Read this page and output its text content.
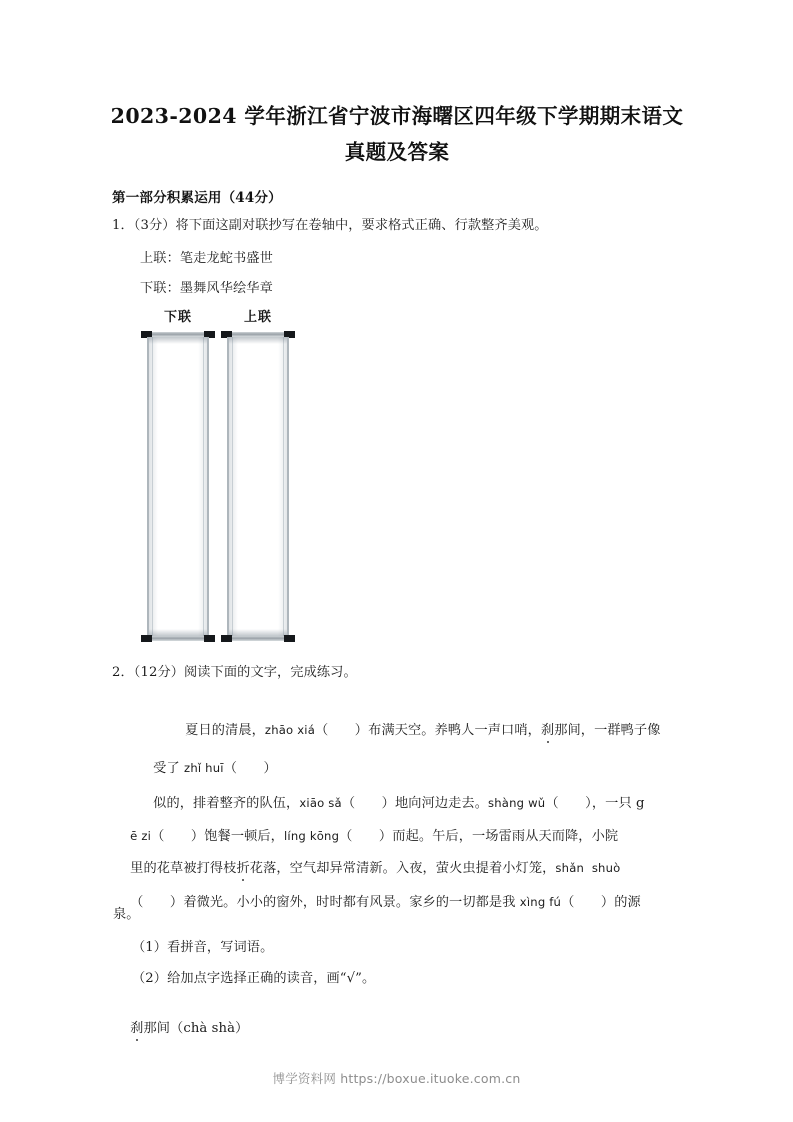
2023-2024 学年浙江省宁波市海曙区四年级下学期期末语文
真题及答案
第一部分积累运用（44分）
1．（3分）将下面这副对联抄写在卷轴中，要求格式正确、行款整齐美观。
上联：笔走龙蛇书盛世
下联：墨舞风华绘华章
下联	上联
2．（12分）阅读下面的文字，完成练习。

夏日的清晨，zhāo xiá（      ）布满天空。养鸭人一声口哨，刹那间，一群鸭子像

受了 zhǐ huī（      ）

似的，排着整齐的队伍，xiāo sǎ（      ）地向河边走去。shàng wǔ（      ），一只 g

ē zi（      ）饱餐一顿后，líng kōng（      ）而起。午后，一场雷雨从天而降，小院

里的花草被打得枝折花落，空气却异常清新。入夜，萤火虫提着小灯笼，shǎn  shuò

（      ）着微光。小小的窗外，时时都有风景。家乡的一切都是我 xìng fú（      ）的源

泉。
（1）看拼音，写词语。
（2）给加点字选择正确的读音，画“√”。

刹那间（chà shà）

博学资料网 https://boxue.ituoke.com.cn
